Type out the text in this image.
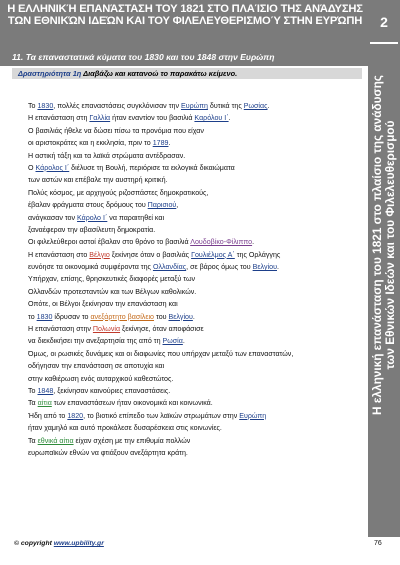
Η ΕΛΛΗΝΙΚΉ ΕΠΑΝΆΣΤΑΣΗ ΤΟΥ 1821 ΣΤΟ ΠΛΑΊΣΙΟ ΤΗΣ ΑΝΆΔΥΣΗΣ ΤΩΝ ΕΘΝΙΚΏΝ ΙΔΕΏΝ ΚΑΙ ΤΟΥ ΦΙΛΕΛΕΥΘΕΡΙΣΜΟΎ ΣΤΗΝ ΕΥΡΏΠΗ
11. Τα επαναστατικά κύματα του 1830 και του 1848 στην Ευρώπη
Δραστηριότητα 1η Διαβάζω και κατανοώ το παρακάτω κείμενο.
2
Η ελληνική επανάσταση του 1821 στο πλαίσιο της ανάδυσης των Εθνικών Ιδεών και του Φιλελευθερισμού
Το 1830, πολλές επαναστάσεις συγκλόνισαν την Ευρώπη δυτικά της Ρωσίας.
Η επανάσταση στη Γαλλία ήταν εναντίον του βασιλιά Καρόλου Ι΄.
Ο βασιλιάς ήθελε να δώσει πίσω τα προνόμια που είχαν
οι αριστοκράτες και η εκκλησία, πριν το 1789.
Η αστική τάξη και τα λαϊκά στρώματα αντέδρασαν.
Ο Κάρολος Ι΄ διέλυσε τη Βουλή, περιόρισε τα εκλογικά δικαιώματα
των αστών και επέβαλε την αυστηρή κριτική.
Πολύς κόσμος, με αρχηγούς ριζοσπάστες δημοκρατικούς,
έβαλαν φράγματα στους δρόμους του Παρισιού,
ανάγκασαν τον Κάρολο Ι΄ να παραιτηθεί και
ξαναέφεραν την αβασίλευτη δημοκρατία.
Οι φιλελεύθεροι αστοί έβαλαν στο θρόνο το βασιλιά Λουδοβίκο-Φίλιππο.
Η επανάσταση στο Βέλγιο ξεκίνησε όταν ο βασιλιάς Γουλιέλμος Α΄ της Ορλάγγης
ευνόησε τα οικονομικά συμφέροντα της Ολλανδίας, σε βάρος όμως του Βελγίου.
Υπήρχαν, επίσης, θρησκευτικές διαφορές μεταξύ των
Ολλανδών προτεσταντών και των Βέλγων καθολικών.
Οπότε, οι Βέλγοι ξεκίνησαν την επανάσταση και
το 1830 ίδρυσαν το ανεξάρτητο βασίλειο του Βελγίου.
Η επανάσταση στην Πολωνία ξεκίνησε, όταν αποφάσισε
να διεκδικήσει την ανεξαρτησία της από τη Ρωσία.
Όμως, οι ρωσικές δυνάμεις και οι διαφωνίες που υπήρχαν μεταξύ των επαναστατών,
οδήγησαν την επανάσταση σε αποτυχία και
στην καθιέρωση ενός αυταρχικού καθεστώτος.
Το 1848, ξεκίνησαν καινούριες επαναστάσεις.
Τα αίτια των επαναστάσεων ήταν οικονομικά και κοινωνικά.
Ήδη από το 1820, το βιοτικό επίπεδο των λαϊκών στρωμάτων στην Ευρώπη
ήταν χαμηλό και αυτό προκάλεσε δυσαρέσκεια στις κοινωνίες.
Τα εθνικά αίτια είχαν σχέση με την επιθυμία πολλών
ευρωπαϊκών εθνών να φτιάξουν ανεξάρτητα κράτη.
© copyright www.upbility.gr	76
